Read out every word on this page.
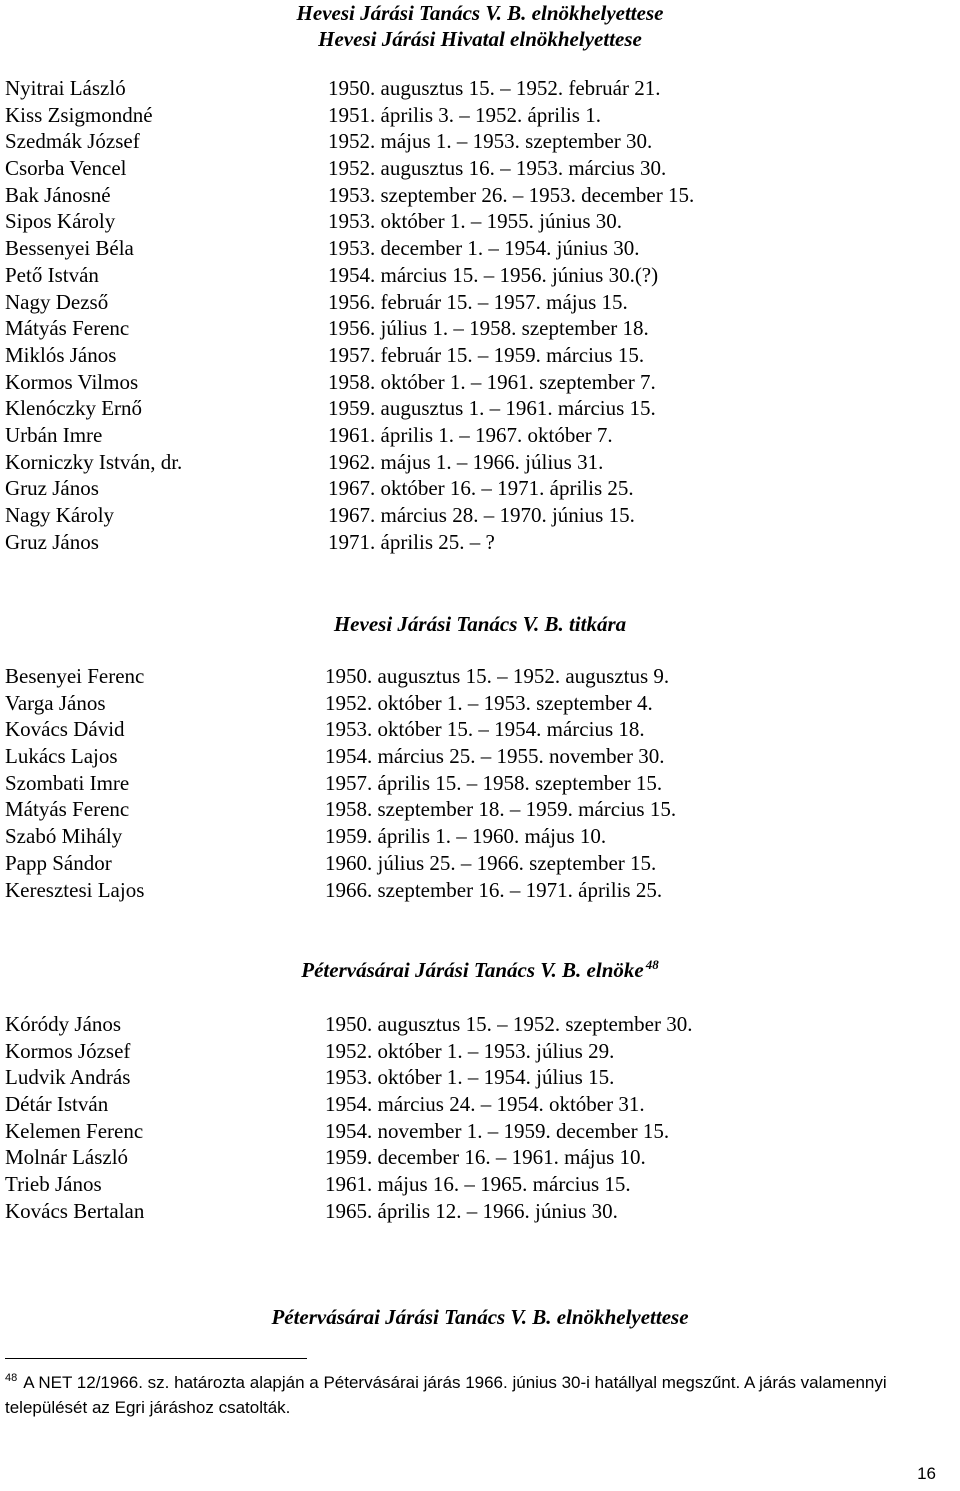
Hevesi Járási Tanács V. B. elnökhelyettese
Hevesi Járási Hivatal elnökhelyettese
Nyitrai László	1950. augusztus 15. – 1952. február 21.
Kiss Zsigmondné	1951. április 3. – 1952. április 1.
Szedmák József	1952. május 1. – 1953. szeptember 30.
Csorba Vencel	1952. augusztus 16. – 1953. március 30.
Bak Jánosné	1953. szeptember 26. – 1953. december 15.
Sipos Károly	1953. október 1. – 1955. június 30.
Bessenyei Béla	1953. december 1. – 1954. június 30.
Pető István	1954. március 15. – 1956. június 30.(?)
Nagy Dezső	1956. február 15. – 1957. május 15.
Mátyás Ferenc	1956. július 1. – 1958. szeptember 18.
Miklós János	1957. február 15. – 1959. március 15.
Kormos Vilmos	1958. október 1. – 1961. szeptember 7.
Klenóczky Ernő	1959. augusztus 1. – 1961. március 15.
Urbán Imre	1961. április 1. – 1967. október 7.
Korniczky István, dr.	1962. május 1. – 1966. július 31.
Gruz János	1967. október 16. – 1971. április 25.
Nagy Károly	1967. március 28. – 1970. június 15.
Gruz János	1971. április 25. – ?
Hevesi Járási Tanács V. B. titkára
Besenyei Ferenc	1950. augusztus 15. – 1952. augusztus 9.
Varga János	1952. október 1. – 1953. szeptember 4.
Kovács Dávid	1953. október 15. – 1954. március 18.
Lukács Lajos	1954. március 25. – 1955. november 30.
Szombati Imre	1957. április 15. – 1958. szeptember 15.
Mátyás Ferenc	1958. szeptember 18. – 1959. március 15.
Szabó Mihály	1959. április 1. – 1960. május 10.
Papp Sándor	1960. július 25. – 1966. szeptember 15.
Keresztesi Lajos	1966. szeptember 16. – 1971. április 25.
Pétervásárai Járási Tanács V. B. elnöke $^{48}$
Kóródy János	1950. augusztus 15. – 1952. szeptember 30.
Kormos József	1952. október 1. – 1953. július 29.
Ludvik András	1953. október 1. – 1954. július 15.
Détár István	1954. március 24. – 1954. október 31.
Kelemen Ferenc	1954. november 1. – 1959. december 15.
Molnár László	1959. december 16. – 1961. május 10.
Trieb János	1961. május 16. – 1965. március 15.
Kovács Bertalan	1965. április 12. – 1966. június 30.
Pétervásárai Járási Tanács V. B. elnökhelyettese
$^{48}$ A NET 12/1966. sz. határozta alapján a Pétervásárai járás 1966. június 30-i hatállyal megszűnt. A járás valamennyi települését az Egri járáshoz csatolták.
16
